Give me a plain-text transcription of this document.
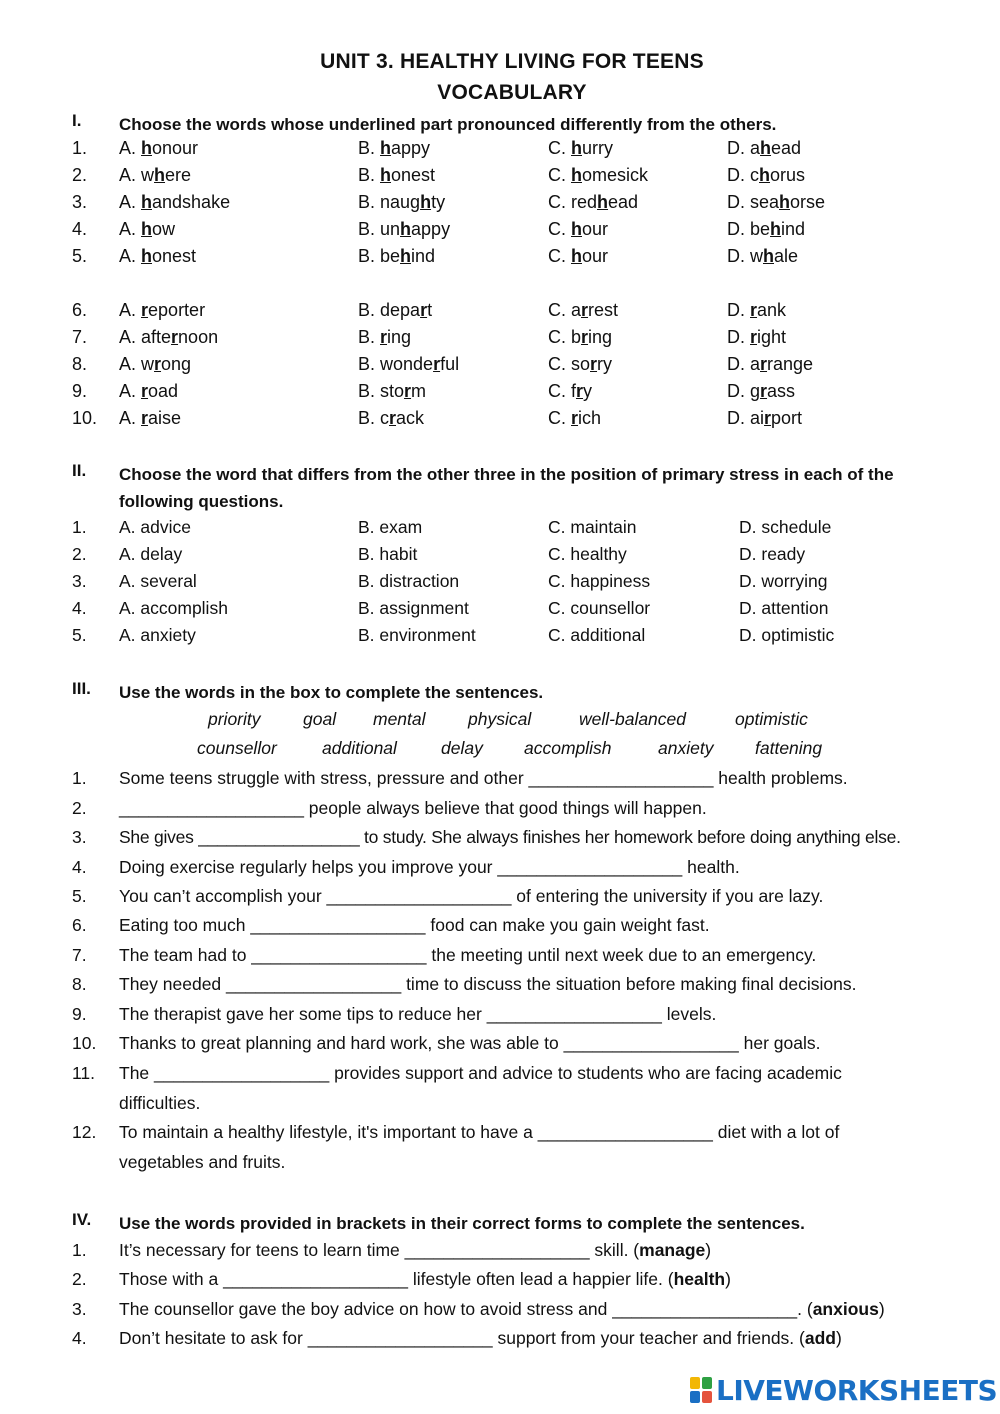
UNIT 3. HEALTHY LIVING FOR TEENS
VOCABULARY
I. Choose the words whose underlined part pronounced differently from the others.
1. A. honour	B. happy	C. hurry	D. ahead
2. A. where	B. honest	C. homesick	D. chorus
3. A. handshake	B. naughty	C. redhead	D. seahorse
4. A. how	B. unhappy	C. hour	D. behind
5. A. honest	B. behind	C. hour	D. whale
6. A. reporter	B. depart	C. arrest	D. rank
7. A. afternoon	B. ring	C. bring	D. right
8. A. wrong	B. wonderful	C. sorry	D. arrange
9. A. road	B. storm	C. fry	D. grass
10. A. raise	B. crack	C. rich	D. airport
II. Choose the word that differs from the other three in the position of primary stress in each of the following questions.
1. A. advice	B. exam	C. maintain	D. schedule
2. A. delay	B. habit	C. healthy	D. ready
3. A. several	B. distraction	C. happiness	D. worrying
4. A. accomplish	B. assignment	C. counsellor	D. attention
5. A. anxiety	B. environment	C. additional	D. optimistic
III. Use the words in the box to complete the sentences.
priority goal mental physical	well-balanced	optimistic
counsellor	additional	delay accomplish	anxiety fattening
1. Some teens struggle with stress, pressure and other ___________________ health problems.
2. ___________________ people always believe that good things will happen.
3. She gives _________________ to study. She always finishes her homework before doing anything else.
4. Doing exercise regularly helps you improve your ___________________ health.
5. You can’t accomplish your ___________________ of entering the university if you are lazy.
6. Eating too much __________________ food can make you gain weight fast.
7. The team had to __________________ the meeting until next week due to an emergency.
8. They needed __________________ time to discuss the situation before making final decisions.
9. The therapist gave her some tips to reduce her __________________ levels.
10. Thanks to great planning and hard work, she was able to __________________ her goals.
11. The __________________ provides support and advice to students who are facing academic difficulties.
12. To maintain a healthy lifestyle, it's important to have a __________________ diet with a lot of vegetables and fruits.
IV. Use the words provided in brackets in their correct forms to complete the sentences.
1. It’s necessary for teens to learn time ___________________ skill. (manage)
2. Those with a ___________________ lifestyle often lead a happier life. (health)
3. The counsellor gave the boy advice on how to avoid stress and ___________________. (anxious)
4. Don’t hesitate to ask for ___________________ support from your teacher and friends. (add)
LIVEWORKSHEETS
